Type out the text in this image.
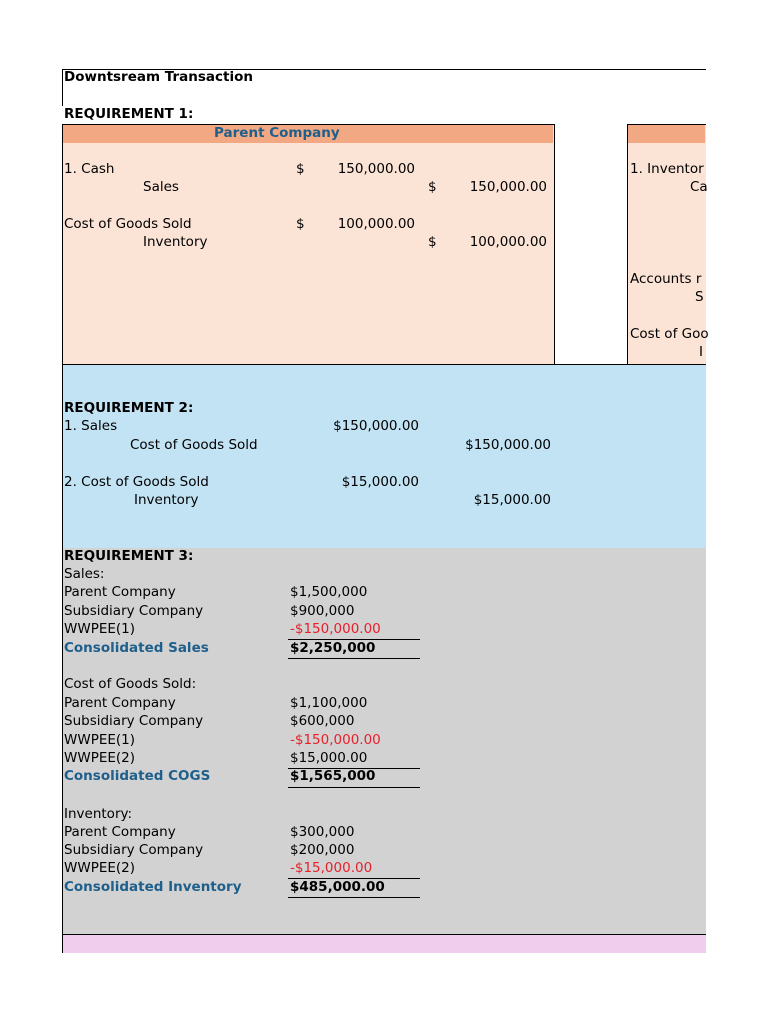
Downtsream Transaction
REQUIREMENT 1:
Parent Company
1. Cash	$	150,000.00
Sales	$	150,000.00
Cost of Goods Sold	$	100,000.00
Inventory	$	100,000.00
1. Inventor
Ca
Accounts r
S
Cost of Goo
I
REQUIREMENT 2:
1. Sales	$150,000.00
Cost of Goods Sold	$150,000.00
2. Cost of Goods Sold	$15,000.00
Inventory	$15,000.00
REQUIREMENT 3:
Sales:
Parent Company	$1,500,000
Subsidiary Company	$900,000
WWPEE(1)	-$150,000.00
Consolidated Sales	$2,250,000
Cost of Goods Sold:
Parent Company	$1,100,000
Subsidiary Company	$600,000
WWPEE(1)	-$150,000.00
WWPEE(2)	$15,000.00
Consolidated COGS	$1,565,000
Inventory:
Parent Company	$300,000
Subsidiary Company	$200,000
WWPEE(2)	-$15,000.00
Consolidated Inventory	$485,000.00
